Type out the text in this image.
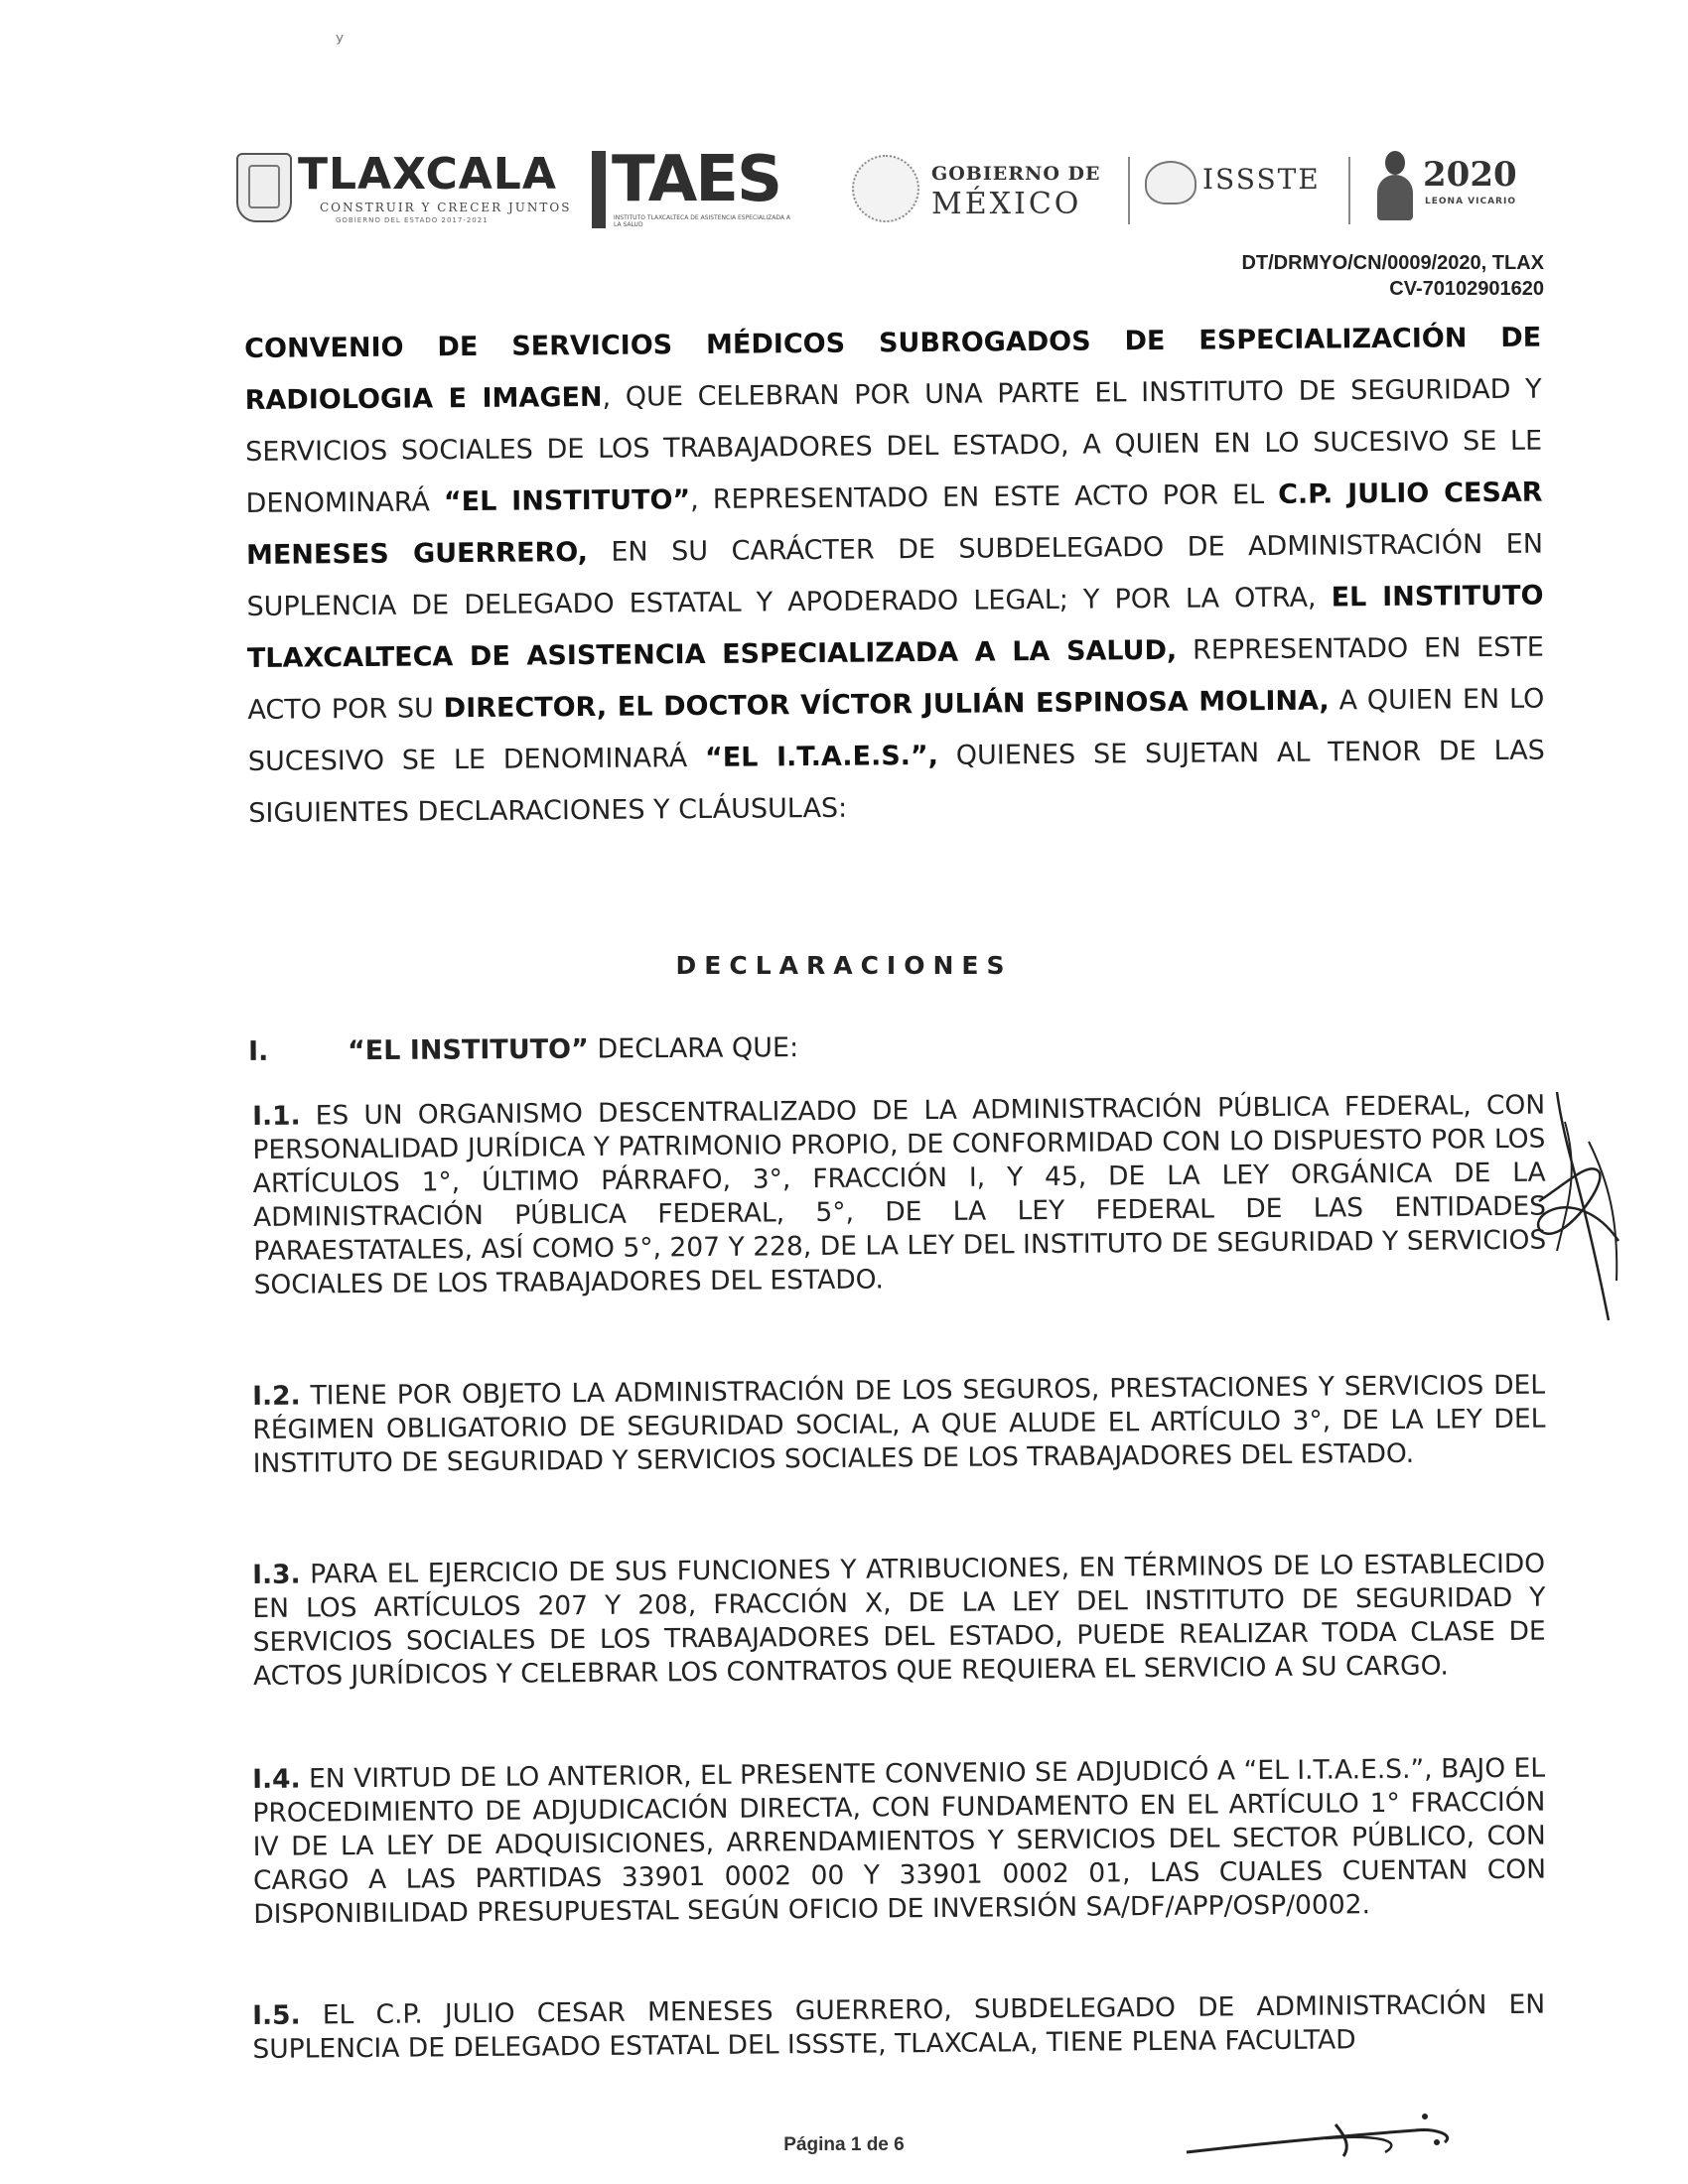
ʸ
TLAXCALA
CONSTRUIR Y CRECER JUNTOS
GOBIERNO DEL ESTADO 2017-2021
TAES
INSTITUTO TLAXCALTECA DE ASISTENCIA ESPECIALIZADA A LA SALUD
GOBIERNO DE
MÉXICO
ISSSTE	2020
LEONA VICARIO
DT/DRMYO/CN/0009/2020, TLAX
CV-70102901620
CONVENIO DE SERVICIOS MÉDICOS SUBROGADOS DE ESPECIALIZACIÓN DE RADIOLOGIA E IMAGEN, QUE CELEBRAN POR UNA PARTE EL INSTITUTO DE SEGURIDAD Y SERVICIOS SOCIALES DE LOS TRABAJADORES DEL ESTADO, A QUIEN EN LO SUCESIVO SE LE DENOMINARÁ “EL INSTITUTO”, REPRESENTADO EN ESTE ACTO POR EL C.P. JULIO CESAR MENESES GUERRERO, EN SU CARÁCTER DE SUBDELEGADO DE ADMINISTRACIÓN EN SUPLENCIA DE DELEGADO ESTATAL Y APODERADO LEGAL; Y POR LA OTRA, EL INSTITUTO TLAXCALTECA DE ASISTENCIA ESPECIALIZADA A LA SALUD, REPRESENTADO EN ESTE ACTO POR SU DIRECTOR, EL DOCTOR VÍCTOR JULIÁN ESPINOSA MOLINA, A QUIEN EN LO SUCESIVO SE LE DENOMINARÁ “EL I.T.A.E.S.”, QUIENES SE SUJETAN AL TENOR DE LAS SIGUIENTES DECLARACIONES Y CLÁUSULAS:
DECLARACIONES
I.	“EL INSTITUTO” DECLARA QUE:
I.1. ES UN ORGANISMO DESCENTRALIZADO DE LA ADMINISTRACIÓN PÚBLICA FEDERAL, CON PERSONALIDAD JURÍDICA Y PATRIMONIO PROPIO, DE CONFORMIDAD CON LO DISPUESTO POR LOS ARTÍCULOS 1°, ÚLTIMO PÁRRAFO, 3°, FRACCIÓN I, Y 45, DE LA LEY ORGÁNICA DE LA ADMINISTRACIÓN PÚBLICA FEDERAL, 5°, DE LA LEY FEDERAL DE LAS ENTIDADES PARAESTATALES, ASÍ COMO 5°, 207 Y 228, DE LA LEY DEL INSTITUTO DE SEGURIDAD Y SERVICIOS SOCIALES DE LOS TRABAJADORES DEL ESTADO.
I.2. TIENE POR OBJETO LA ADMINISTRACIÓN DE LOS SEGUROS, PRESTACIONES Y SERVICIOS DEL RÉGIMEN OBLIGATORIO DE SEGURIDAD SOCIAL, A QUE ALUDE EL ARTÍCULO 3°, DE LA LEY DEL INSTITUTO DE SEGURIDAD Y SERVICIOS SOCIALES DE LOS TRABAJADORES DEL ESTADO.
I.3. PARA EL EJERCICIO DE SUS FUNCIONES Y ATRIBUCIONES, EN TÉRMINOS DE LO ESTABLECIDO EN LOS ARTÍCULOS 207 Y 208, FRACCIÓN X, DE LA LEY DEL INSTITUTO DE SEGURIDAD Y SERVICIOS SOCIALES DE LOS TRABAJADORES DEL ESTADO, PUEDE REALIZAR TODA CLASE DE ACTOS JURÍDICOS Y CELEBRAR LOS CONTRATOS QUE REQUIERA EL SERVICIO A SU CARGO.
I.4. EN VIRTUD DE LO ANTERIOR, EL PRESENTE CONVENIO SE ADJUDICÓ A “EL I.T.A.E.S.”, BAJO EL PROCEDIMIENTO DE ADJUDICACIÓN DIRECTA, CON FUNDAMENTO EN EL ARTÍCULO 1° FRACCIÓN IV DE LA LEY DE ADQUISICIONES, ARRENDAMIENTOS Y SERVICIOS DEL SECTOR PÚBLICO, CON CARGO A LAS PARTIDAS 33901 0002 00 Y 33901 0002 01, LAS CUALES CUENTAN CON DISPONIBILIDAD PRESUPUESTAL SEGÚN OFICIO DE INVERSIÓN SA/DF/APP/OSP/0002.
I.5. EL C.P. JULIO CESAR MENESES GUERRERO, SUBDELEGADO DE ADMINISTRACIÓN EN SUPLENCIA DE DELEGADO ESTATAL DEL ISSSTE, TLAXCALA, TIENE PLENA FACULTAD
Página 1 de 6
